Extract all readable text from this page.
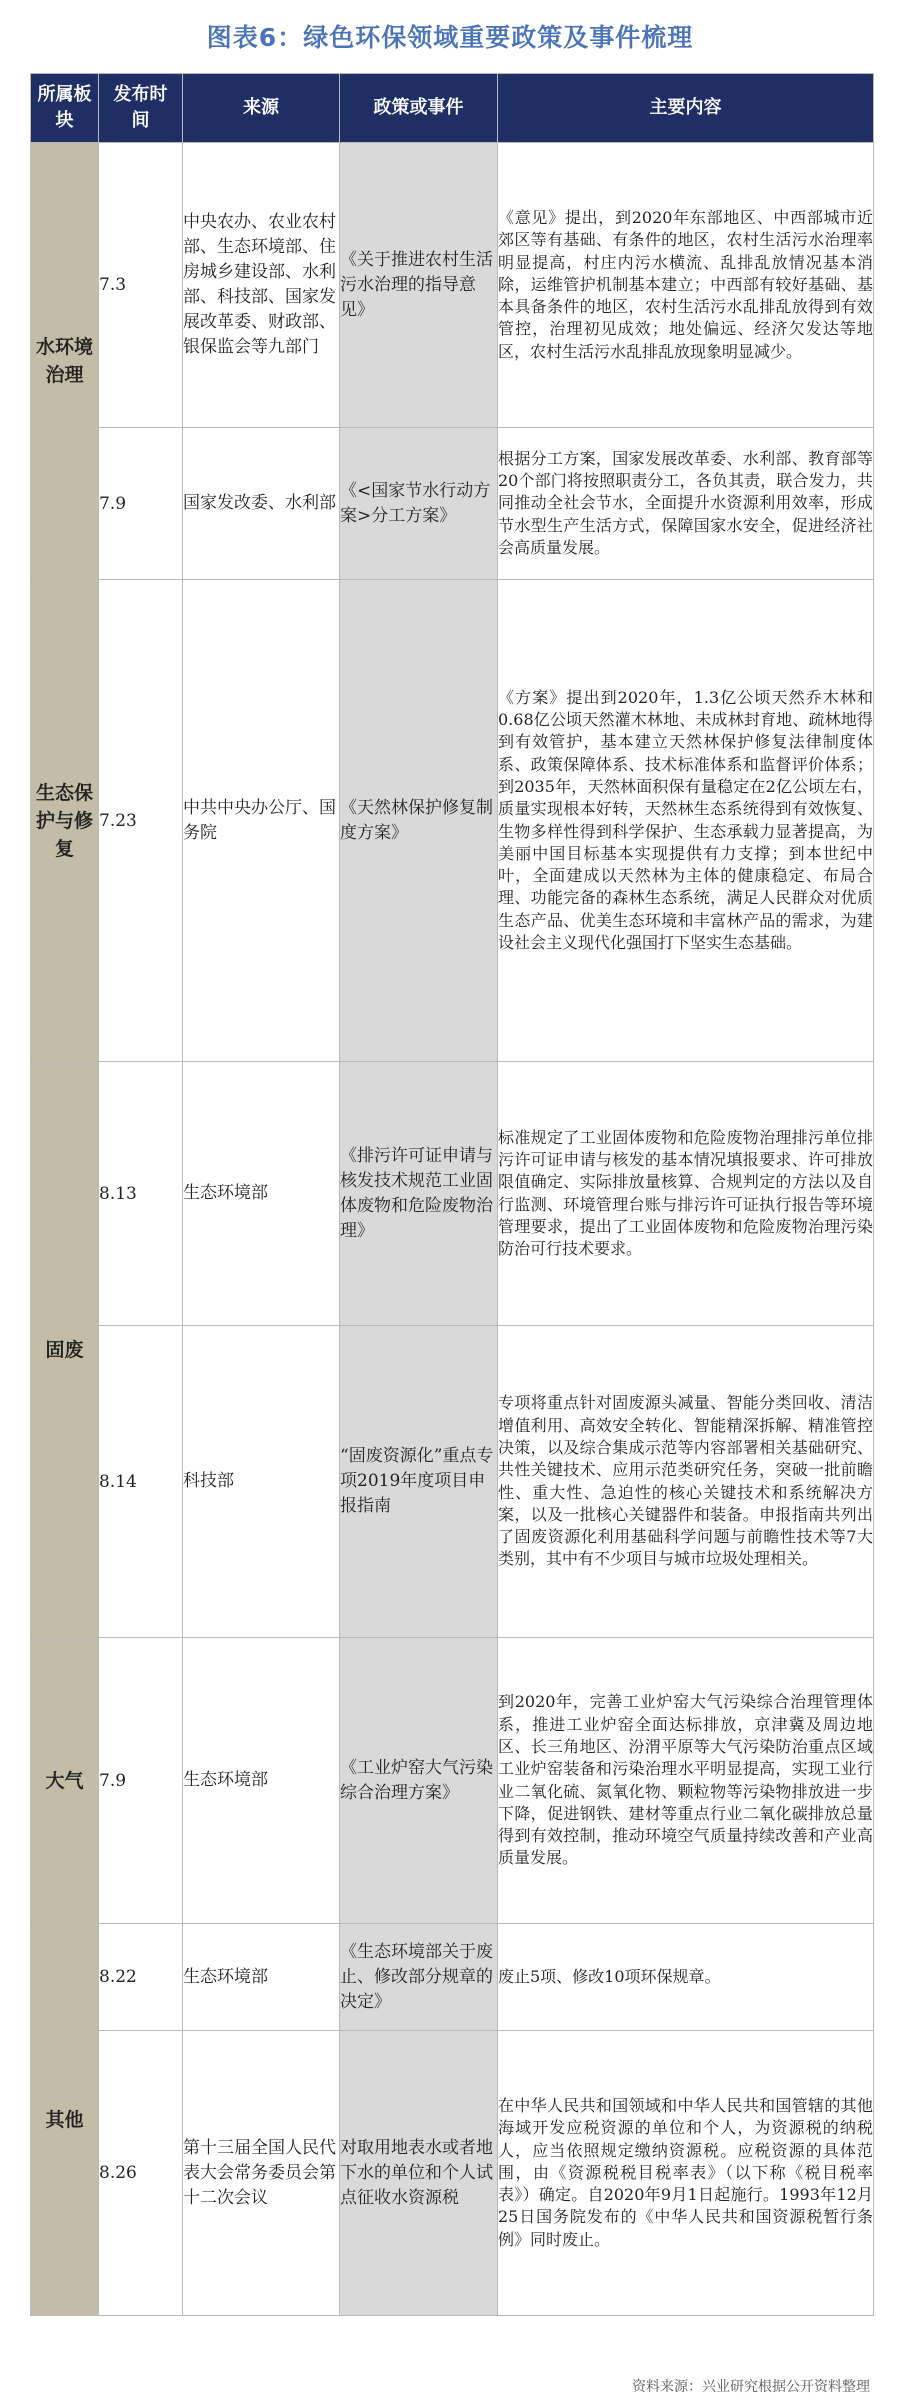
图表6：绿色环保领域重要政策及事件梳理
所属板块	发布时间	来源	政策或事件	主要内容
水环境治理	7.3	中央农办、农业农村部、生态环境部、住房城乡建设部、水利部、科技部、国家发展改革委、财政部、银保监会等九部门	《关于推进农村生活污水治理的指导意见》	《意见》提出，到2020年东部地区、中西部城市近郊区等有基础、有条件的地区，农村生活污水治理率明显提高，村庄内污水横流、乱排乱放情况基本消除，运维管护机制基本建立；中西部有较好基础、基本具备条件的地区，农村生活污水乱排乱放得到有效管控，治理初见成效；地处偏远、经济欠发达等地区，农村生活污水乱排乱放现象明显减少。
	7.9	国家发改委、水利部	《<国家节水行动方案>分工方案》	根据分工方案，国家发展改革委、水利部、教育部等20个部门将按照职责分工，各负其责，联合发力，共同推动全社会节水，全面提升水资源利用效率，形成节水型生产生活方式，保障国家水安全，促进经济社会高质量发展。
生态保护与修复	7.23	中共中央办公厅、国务院	《天然林保护修复制度方案》	《方案》提出到2020年，1.3亿公顷天然乔木林和0.68亿公顷天然灌木林地、未成林封育地、疏林地得到有效管护，基本建立天然林保护修复法律制度体系、政策保障体系、技术标准体系和监督评价体系；到2035年，天然林面积保有量稳定在2亿公顷左右，质量实现根本好转，天然林生态系统得到有效恢复、生物多样性得到科学保护、生态承载力显著提高，为美丽中国目标基本实现提供有力支撑；到本世纪中叶，全面建成以天然林为主体的健康稳定、布局合理、功能完备的森林生态系统，满足人民群众对优质生态产品、优美生态环境和丰富林产品的需求，为建设社会主义现代化强国打下坚实生态基础。
固废	8.13	生态环境部	《排污许可证申请与核发技术规范工业固体废物和危险废物治理》	标准规定了工业固体废物和危险废物治理排污单位排污许可证申请与核发的基本情况填报要求、许可排放限值确定、实际排放量核算、合规判定的方法以及自行监测、环境管理台账与排污许可证执行报告等环境管理要求，提出了工业固体废物和危险废物治理污染防治可行技术要求。
	8.14	科技部	“固废资源化”重点专项2019年度项目申报指南	专项将重点针对固废源头减量、智能分类回收、清洁增值利用、高效安全转化、智能精深拆解、精准管控决策，以及综合集成示范等内容部署相关基础研究、共性关键技术、应用示范类研究任务，突破一批前瞻性、重大性、急迫性的核心关键技术和系统解决方案，以及一批核心关键器件和装备。申报指南共列出了固废资源化利用基础科学问题与前瞻性技术等7大类别，其中有不少项目与城市垃圾处理相关。
大气	7.9	生态环境部	《工业炉窑大气污染综合治理方案》	到2020年，完善工业炉窑大气污染综合治理管理体系，推进工业炉窑全面达标排放，京津冀及周边地区、长三角地区、汾渭平原等大气污染防治重点区域工业炉窑装备和污染治理水平明显提高，实现工业行业二氧化硫、氮氧化物、颗粒物等污染物排放进一步下降，促进钢铁、建材等重点行业二氧化碳排放总量得到有效控制，推动环境空气质量持续改善和产业高质量发展。
其他	8.22	生态环境部	《生态环境部关于废止、修改部分规章的决定》	废止5项、修改10项环保规章。
	8.26	第十三届全国人民代表大会常务委员会第十二次会议	对取用地表水或者地下水的单位和个人试点征收水资源税	在中华人民共和国领域和中华人民共和国管辖的其他海域开发应税资源的单位和个人，为资源税的纳税人，应当依照规定缴纳资源税。应税资源的具体范围，由《资源税税目税率表》（以下称《税目税率表》）确定。自2020年9月1日起施行。1993年12月25日国务院发布的《中华人民共和国资源税暂行条例》同时废止。
资料来源：兴业研究根据公开资料整理
